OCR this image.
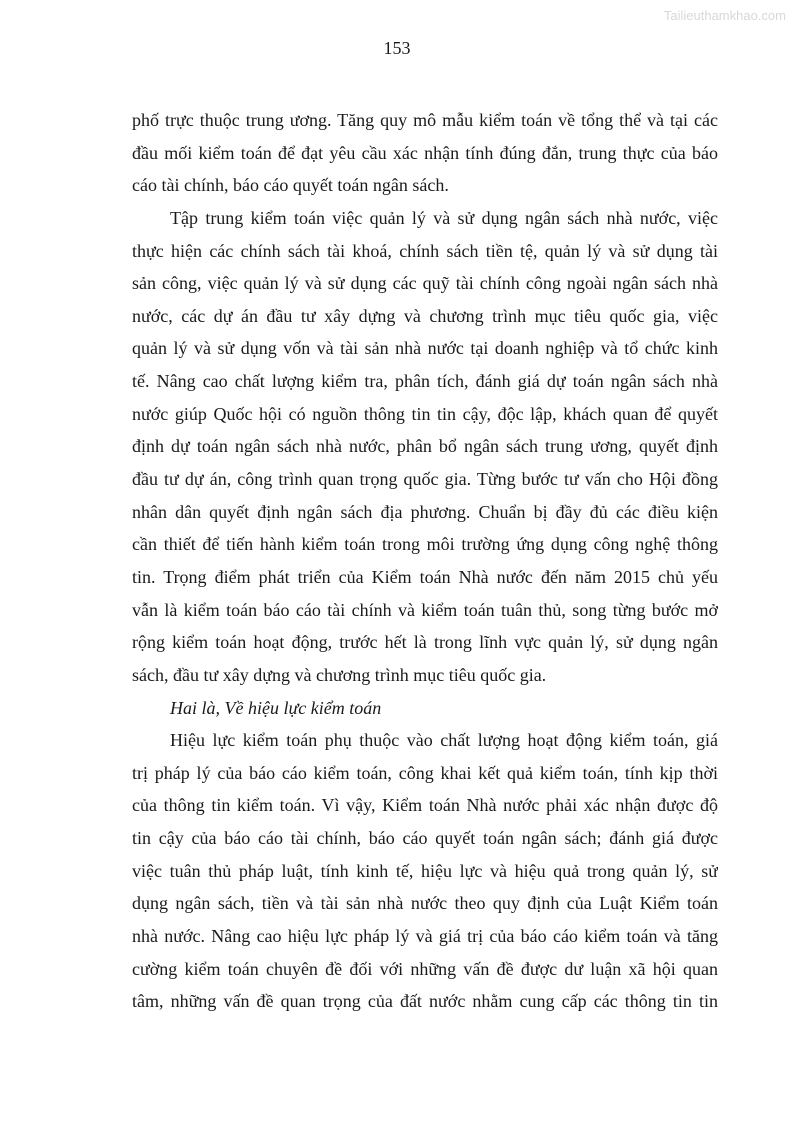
Tailieuthamkhao.com
153
phố trực thuộc trung ương. Tăng quy mô mẫu kiểm toán về tổng thể và tại các
đầu mối kiểm toán để đạt yêu cầu xác nhận tính đúng đắn, trung thực của báo
cáo tài chính, báo cáo quyết toán ngân sách.
Tập trung kiểm toán việc quản lý và sử dụng ngân sách nhà nước, việc
thực hiện các chính sách tài khoá, chính sách tiền tệ, quản lý và sử dụng tài
sản công, việc quản lý và sử dụng các quỹ tài chính công ngoài ngân sách nhà
nước, các dự án đầu tư xây dựng và chương trình mục tiêu quốc gia, việc
quản lý và sử dụng vốn và tài sản nhà nước tại doanh nghiệp và tổ chức kinh
tế. Nâng cao chất lượng kiểm tra, phân tích, đánh giá dự toán ngân sách nhà
nước giúp Quốc hội có nguồn thông tin tin cậy, độc lập, khách quan để quyết
định dự toán ngân sách nhà nước, phân bổ ngân sách trung ương, quyết định
đầu tư dự án, công trình quan trọng quốc gia. Từng bước tư vấn cho Hội đồng
nhân dân quyết định ngân sách địa phương. Chuẩn bị đầy đủ các điều kiện
cần thiết để tiến hành kiểm toán trong môi trường ứng dụng công nghệ thông
tin. Trọng điểm phát triển của Kiểm toán Nhà nước đến năm 2015 chủ yếu
vẫn là kiểm toán báo cáo tài chính và kiểm toán tuân thủ, song từng bước mở
rộng kiểm toán hoạt động, trước hết là trong lĩnh vực quản lý, sử dụng ngân
sách, đầu tư xây dựng và chương trình mục tiêu quốc gia.
Hai là, Về hiệu lực kiểm toán
Hiệu lực kiểm toán phụ thuộc vào chất lượng hoạt động kiểm toán, giá
trị pháp lý của báo cáo kiểm toán, công khai kết quả kiểm toán, tính kịp thời
của thông tin kiểm toán. Vì vậy, Kiểm toán Nhà nước phải xác nhận được độ
tin cậy của báo cáo tài chính, báo cáo quyết toán ngân sách; đánh giá được
việc tuân thủ pháp luật, tính kinh tế, hiệu lực và hiệu quả trong quản lý, sử
dụng ngân sách, tiền và tài sản nhà nước theo quy định của Luật Kiểm toán
nhà nước. Nâng cao hiệu lực pháp lý và giá trị của báo cáo kiểm toán và tăng
cường kiểm toán chuyên đề đối với những vấn đề được dư luận xã hội quan
tâm, những vấn đề quan trọng của đất nước nhằm cung cấp các thông tin tin
